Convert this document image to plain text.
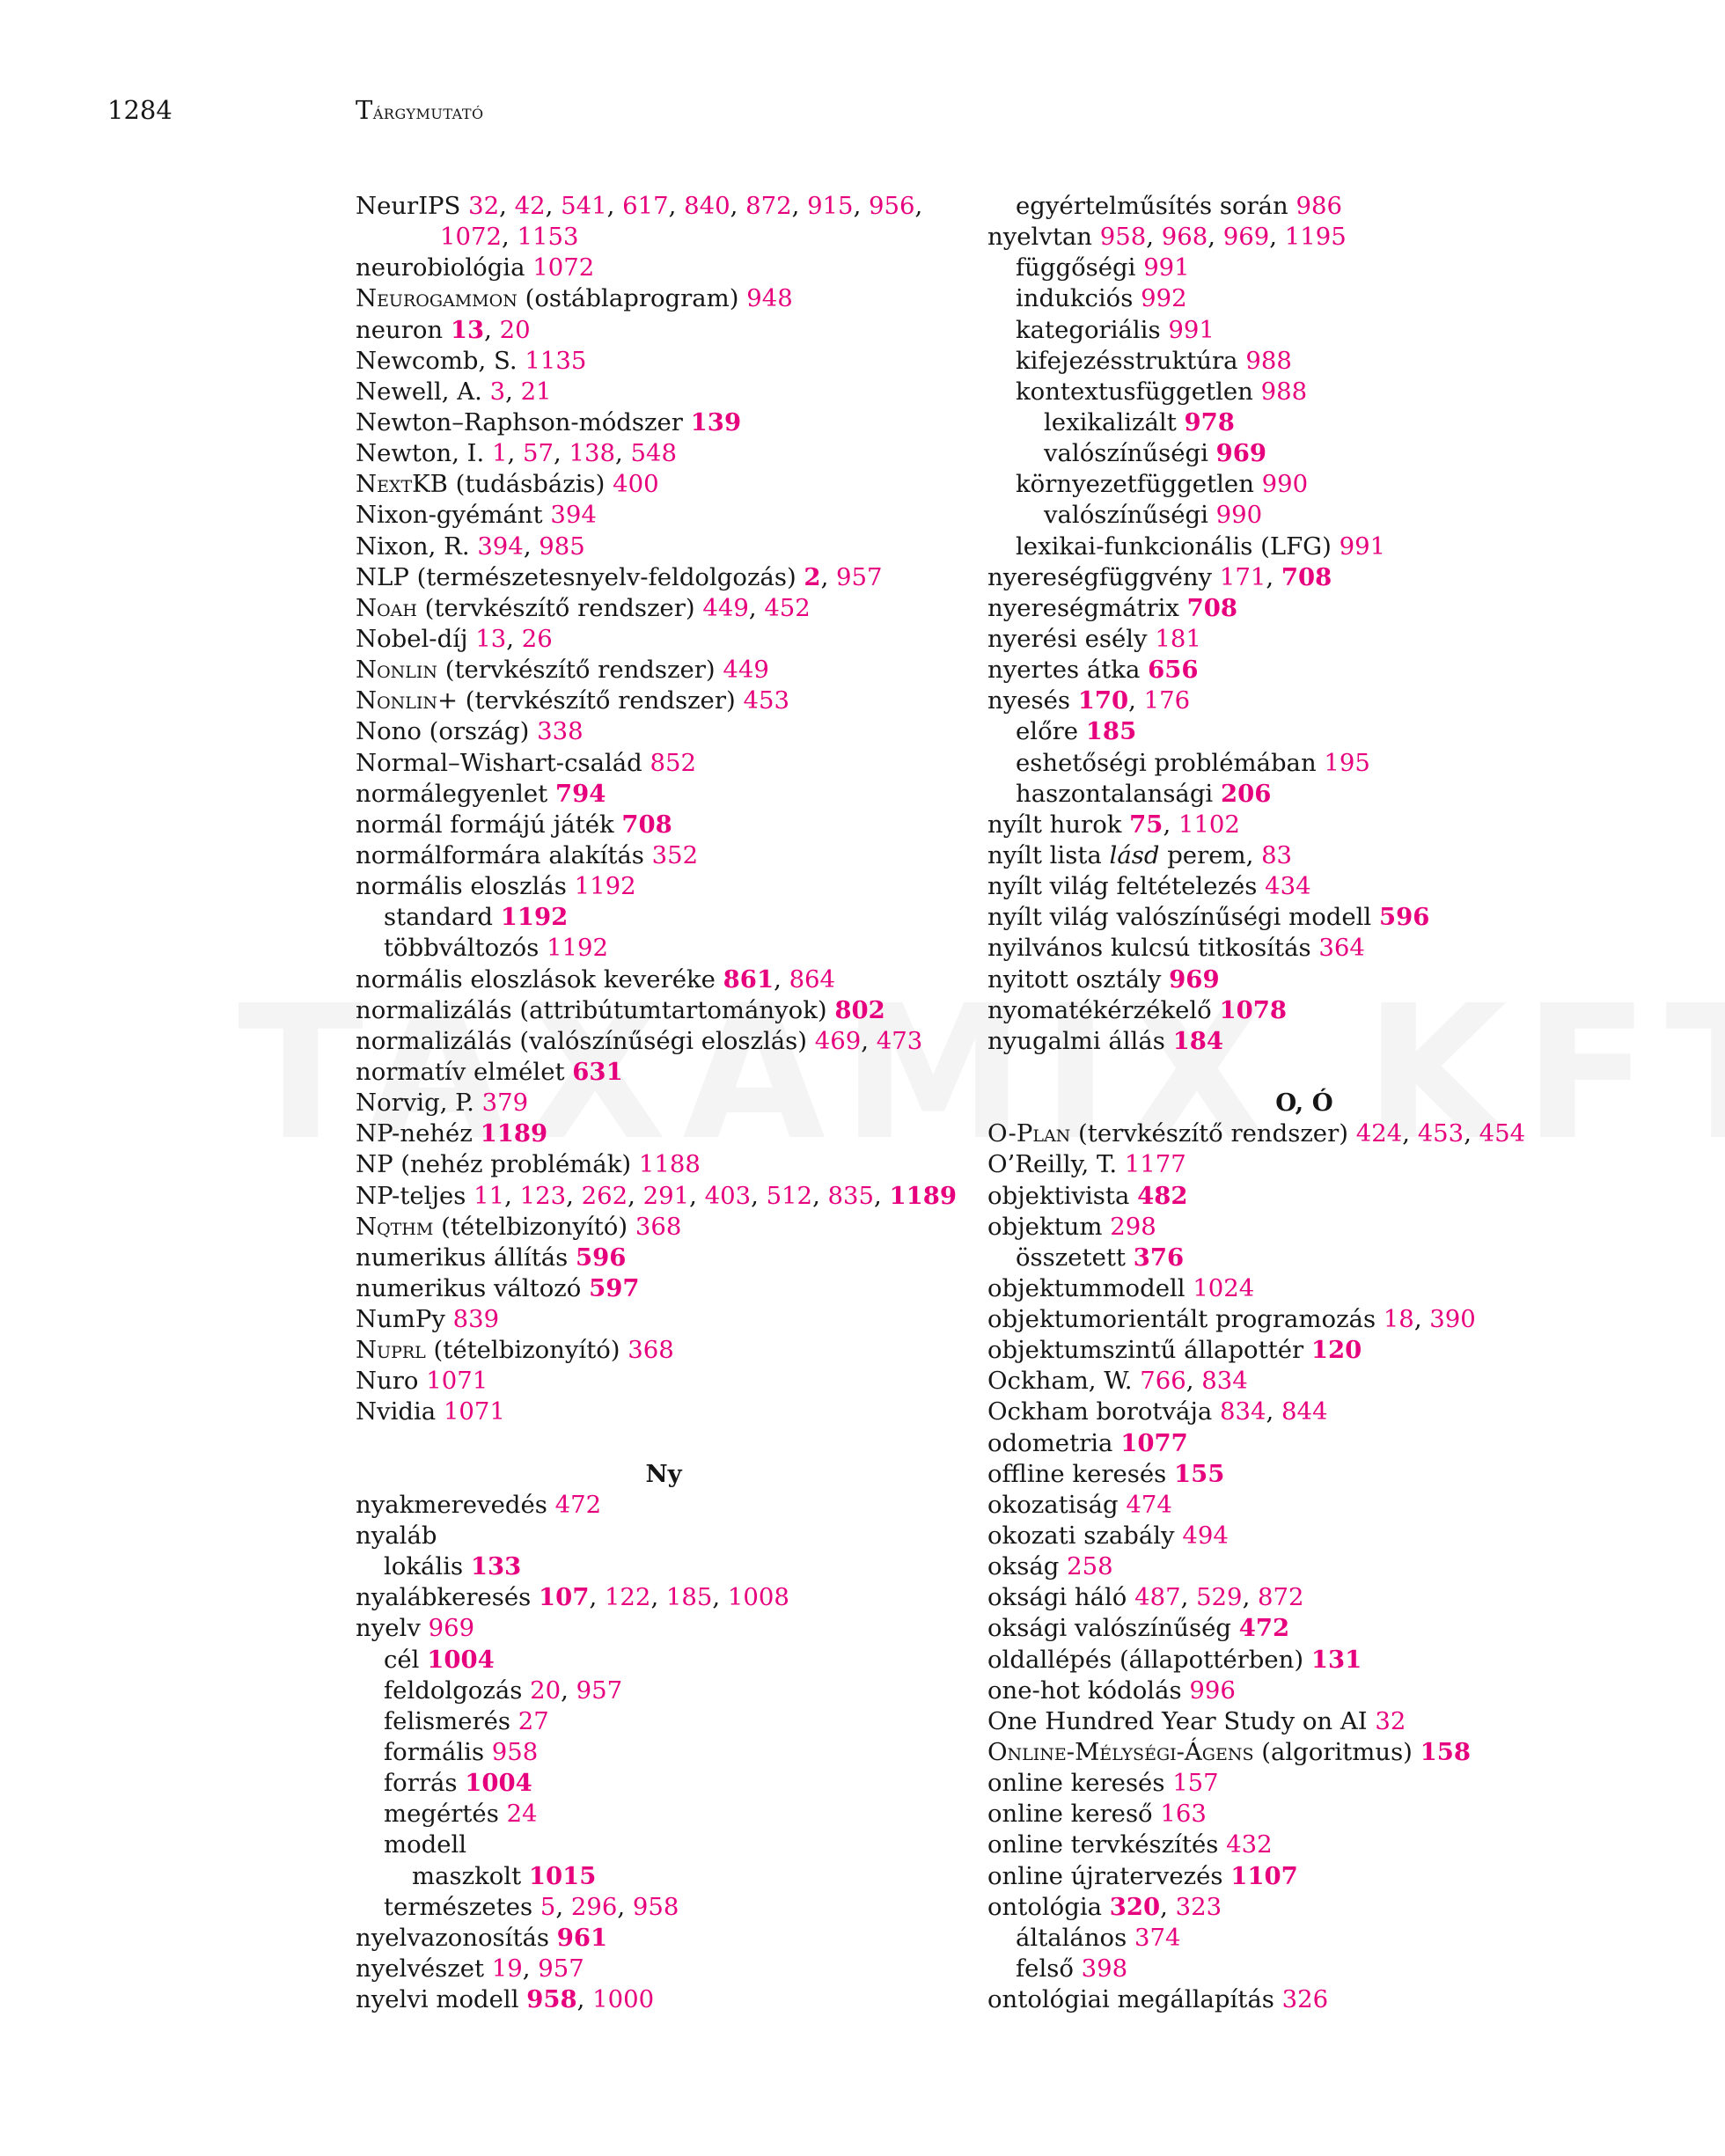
1284	Tárgymutató
NeurIPS 32, 42, 541, 617, 840, 872, 915, 956,
1072, 1153
neurobiológia 1072
Neurogammon (ostáblaprogram) 948
neuron 13, 20
Newcomb, S. 1135
Newell, A. 3, 21
Newton–Raphson-módszer 139
Newton, I. 1, 57, 138, 548
NextKB (tudásbázis) 400
Nixon-gyémánt 394
Nixon, R. 394, 985
NLP (természetesnyelv-feldolgozás) 2, 957
Noah (tervkészítő rendszer) 449, 452
Nobel-díj 13, 26
Nonlin (tervkészítő rendszer) 449
Nonlin+ (tervkészítő rendszer) 453
Nono (ország) 338
Normal–Wishart-család 852
normálegyenlet 794
normál formájú játék 708
normálformára alakítás 352
normális eloszlás 1192
standard 1192
többváltozós 1192
normális eloszlások keveréke 861, 864
normalizálás (attribútumtartományok) 802
normalizálás (valószínűségi eloszlás) 469, 473
normatív elmélet 631
Norvig, P. 379
NP-nehéz 1189
NP (nehéz problémák) 1188
NP-teljes 11, 123, 262, 291, 403, 512, 835, 1189
Nqthm (tételbizonyító) 368
numerikus állítás 596
numerikus változó 597
NumPy 839
Nuprl (tételbizonyító) 368
Nuro 1071
Nvidia 1071
Ny
nyakmerevedés 472
nyaláb
lokális 133
nyalábkeresés 107, 122, 185, 1008
nyelv 969
cél 1004
feldolgozás 20, 957
felismerés 27
formális 958
forrás 1004
megértés 24
modell
maszkolt 1015
természetes 5, 296, 958
nyelvazonosítás 961
nyelvészet 19, 957
nyelvi modell 958, 1000
egyértelműsítés során 986
nyelvtan 958, 968, 969, 1195
függőségi 991
indukciós 992
kategoriális 991
kifejezésstruktúra 988
kontextusfüggetlen 988
lexikalizált 978
valószínűségi 969
környezetfüggetlen 990
valószínűségi 990
lexikai-funkcionális (LFG) 991
nyereségfüggvény 171, 708
nyereségmátrix 708
nyerési esély 181
nyertes átka 656
nyesés 170, 176
előre 185
eshetőségi problémában 195
haszontalansági 206
nyílt hurok 75, 1102
nyílt lista lásd perem, 83
nyílt világ feltételezés 434
nyílt világ valószínűségi modell 596
nyilvános kulcsú titkosítás 364
nyitott osztály 969
nyomatékérzékelő 1078
nyugalmi állás 184
O, Ó
O-Plan (tervkészítő rendszer) 424, 453, 454
O’Reilly, T. 1177
objektivista 482
objektum 298
összetett 376
objektummodell 1024
objektumorientált programozás 18, 390
objektumszintű állapottér 120
Ockham, W. 766, 834
Ockham borotvája 834, 844
odometria 1077
offline keresés 155
okozatiság 474
okozati szabály 494
okság 258
oksági háló 487, 529, 872
oksági valószínűség 472
oldallépés (állapottérben) 131
one-hot kódolás 996
One Hundred Year Study on AI 32
Online-Mélységi-Ágens (algoritmus) 158
online keresés 157
online kereső 163
online tervkészítés 432
online újratervezés 1107
ontológia 320, 323
általános 374
felső 398
ontológiai megállapítás 326
